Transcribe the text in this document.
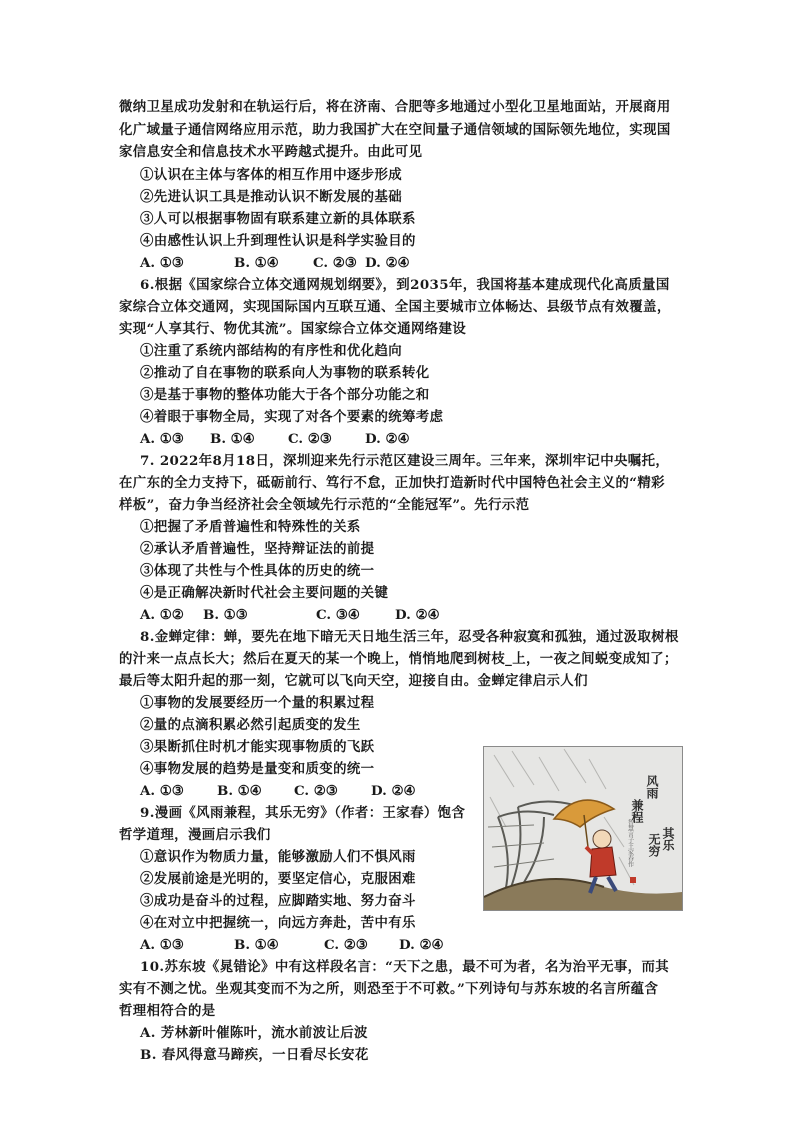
微纳卫星成功发射和在轨运行后，将在济南、合肥等多地通过小型化卫星地面站，开展商用
化广域量子通信网络应用示范，助力我国扩大在空间量子通信领域的国际领先地位，实现国
家信息安全和信息技术水平跨越式提升。由此可见
①认识在主体与客体的相互作用中逐步形成
②先进认识工具是推动认识不断发展的基础
③人可以根据事物固有联系建立新的具体联系
④由感性认识上升到理性认识是科学实验目的
A. ①③	B. ①④	C. ②③ D. ②④
6.根据《国家综合立体交通网规划纲要》，到2035年，我国将基本建成现代化高质量国
家综合立体交通网，实现国际国内互联互通、全国主要城市立体畅达、县级节点有效覆盖，
实现“人享其行、物优其流”。国家综合立体交通网络建设
①注重了系统内部结构的有序性和优化趋向
②推动了自在事物的联系向人为事物的联系转化
③是基于事物的整体功能大于各个部分功能之和
④着眼于事物全局，实现了对各个要素的统筹考虑
A. ①③ B. ①④ C. ②③ D. ②④
7. 2022年8月18日，深圳迎来先行示范区建设三周年。三年来，深圳牢记中央嘱托，
在广东的全力支持下，砥砺前行、笃行不怠，正加快打造新时代中国特色社会主义的“精彩
样板”，奋力争当经济社会全领域先行示范的“全能冠军”。先行示范
①把握了矛盾普遍性和特殊性的关系
②承认矛盾普遍性，坚持辩证法的前提
③体现了共性与个性具体的历史的统一
④是正确解决新时代社会主要问题的关键
A. ①② B. ①③	C. ③④	D. ②④
8.金蝉定律：蝉，要先在地下暗无天日地生活三年，忍受各种寂寞和孤独，通过汲取树根
的汁来一点点长大；然后在夏天的某一个晚上，悄悄地爬到树枝_上，一夜之间蜕变成知了；
最后等太阳升起的那一刻，它就可以飞向天空，迎接自由。金蝉定律启示人们
①事物的发展要经历一个量的积累过程
②量的点滴积累必然引起质变的发生
③果断抓住时机才能实现事物质的飞跃
④事物发展的趋势是量变和质变的统一
A. ①③ B. ①④ C. ②③ D. ②④
9.漫画《风雨兼程，其乐无穷》（作者：王家春）饱含
哲学道理，漫画启示我们
①意识作为物质力量，能够激励人们不惧风雨
②发展前途是光明的，要坚定信心，克服困难
③成功是奋斗的过程，应脚踏实地、努力奋斗
④在对立中把握统一，向远方奔赴，苦中有乐
A. ①③	B. ①④	C. ②③ D. ②④
10.苏东坡《晁错论》中有这样段名言：“天下之患，最不可为者，名为治平无事，而其
实有不测之忧。坐观其变而不为之所，则恐至于不可救。”下列诗句与苏东坡的名言所蕴含
哲理相符合的是
A. 芳林新叶催陈叶，流水前波让后波
B. 春风得意马蹄疾，一日看尽长安花
风雨
兼程
其乐
无穷
智慧言子王家春作
